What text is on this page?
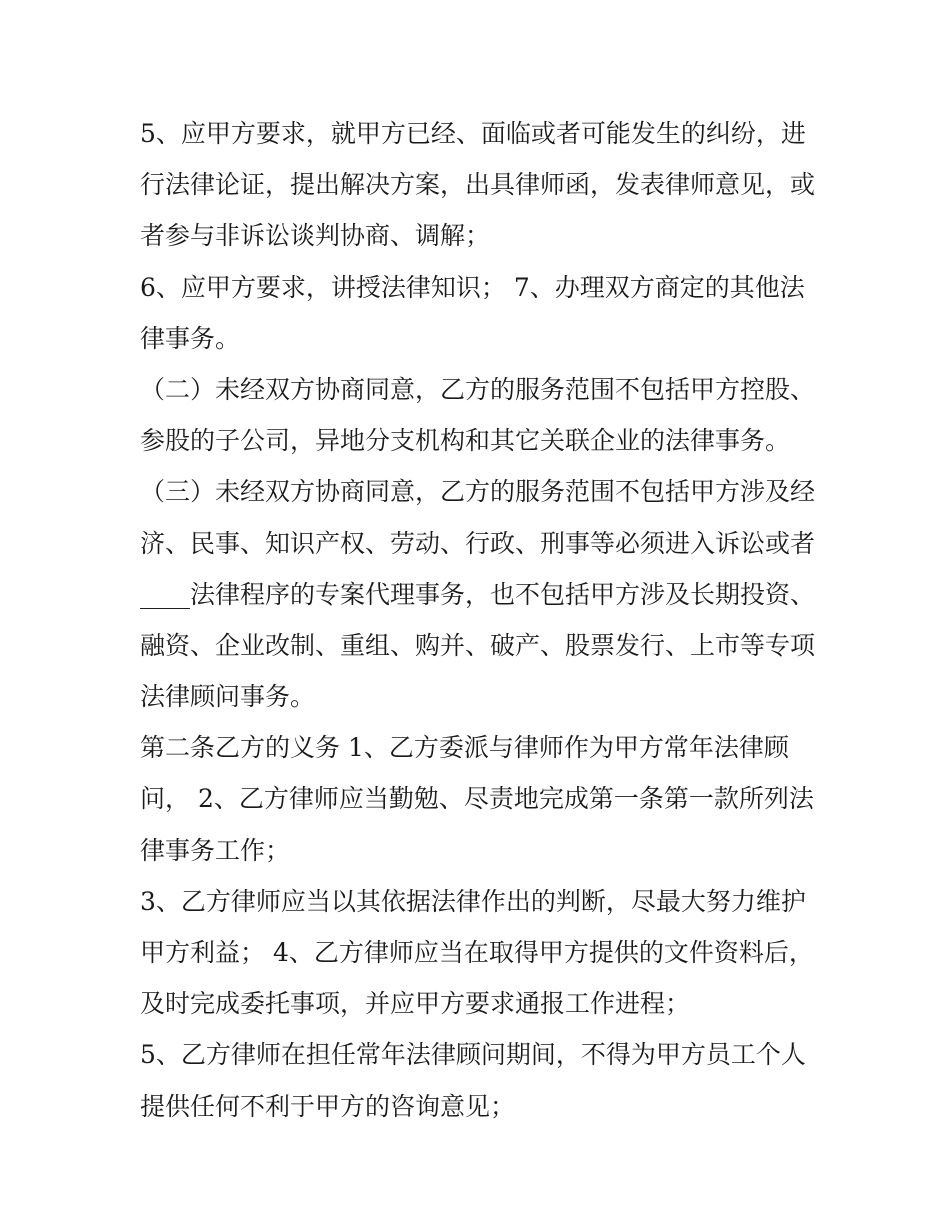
5、应甲方要求，就甲方已经、面临或者可能发生的纠纷，进
行法律论证，提出解决方案，出具律师函，发表律师意见，或
者参与非诉讼谈判协商、调解；
6、应甲方要求，讲授法律知识； 7、办理双方商定的其他法
律事务。
（二）未经双方协商同意，乙方的服务范围不包括甲方控股、
参股的子公司，异地分支机构和其它关联企业的法律事务。
（三）未经双方协商同意，乙方的服务范围不包括甲方涉及经
济、民事、知识产权、劳动、行政、刑事等必须进入诉讼或者
____法律程序的专案代理事务，也不包括甲方涉及长期投资、
融资、企业改制、重组、购并、破产、股票发行、上市等专项
法律顾问事务。
第二条乙方的义务 1、乙方委派与律师作为甲方常年法律顾
问， 2、乙方律师应当勤勉、尽责地完成第一条第一款所列法
律事务工作；
3、乙方律师应当以其依据法律作出的判断，尽最大努力维护
甲方利益； 4、乙方律师应当在取得甲方提供的文件资料后，
及时完成委托事项，并应甲方要求通报工作进程；
5、乙方律师在担任常年法律顾问期间，不得为甲方员工个人
提供任何不利于甲方的咨询意见；
